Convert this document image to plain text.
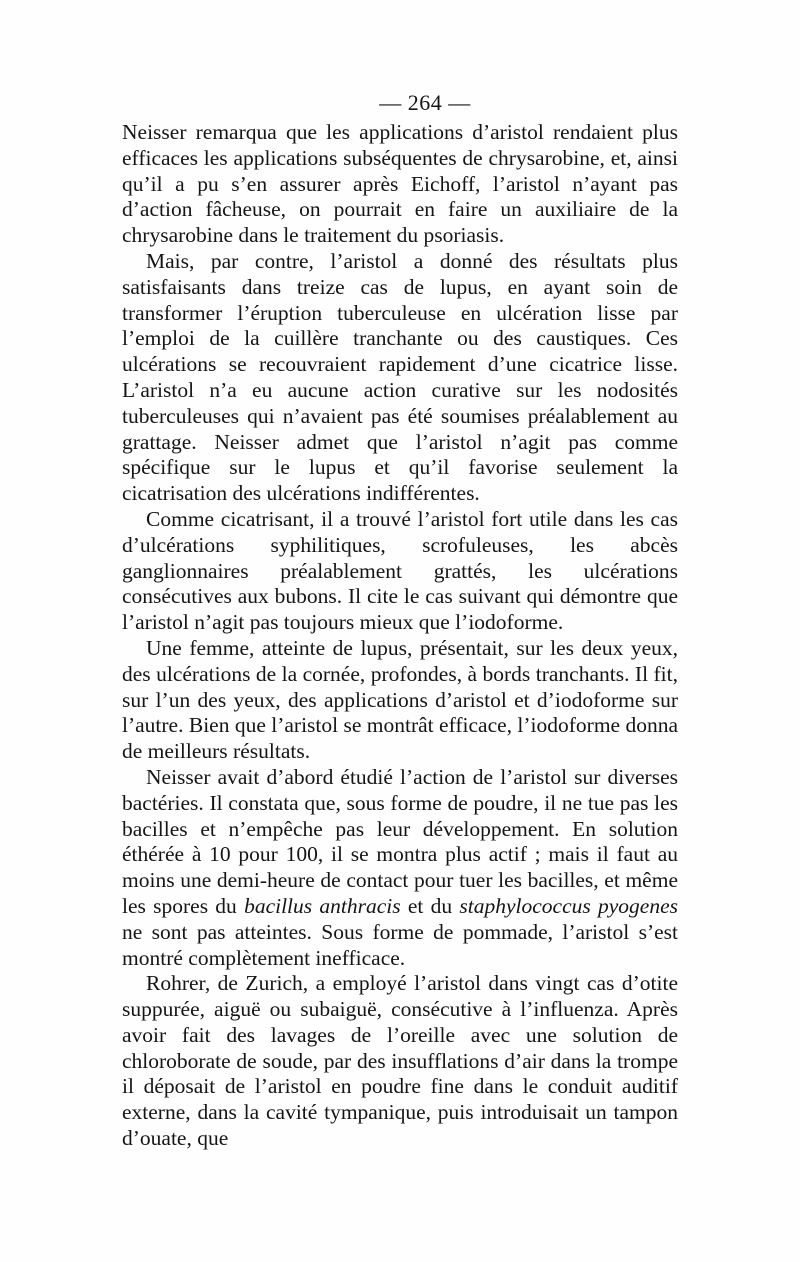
— 264 —

Neisser remarqua que les applications d’aristol rendaient plus efficaces les applications subséquentes de chrysarobine, et, ainsi qu’il a pu s’en assurer après Eichoff, l’aristol n’ayant pas d’action fâcheuse, on pourrait en faire un auxiliaire de la chrysarobine dans le traitement du psoriasis.

Mais, par contre, l’aristol a donné des résultats plus satisfaisants dans treize cas de lupus, en ayant soin de transformer l’éruption tuberculeuse en ulcération lisse par l’emploi de la cuillère tranchante ou des caustiques. Ces ulcérations se recouvraient rapidement d’une cicatrice lisse. L’aristol n’a eu aucune action curative sur les nodosités tuberculeuses qui n’avaient pas été soumises préalablement au grattage. Neisser admet que l’aristol n’agit pas comme spécifique sur le lupus et qu’il favorise seulement la cicatrisation des ulcérations indifférentes.

Comme cicatrisant, il a trouvé l’aristol fort utile dans les cas d’ulcérations syphilitiques, scrofuleuses, les abcès ganglionnaires préalablement grattés, les ulcérations consécutives aux bubons. Il cite le cas suivant qui démontre que l’aristol n’agit pas toujours mieux que l’iodoforme.

Une femme, atteinte de lupus, présentait, sur les deux yeux, des ulcérations de la cornée, profondes, à bords tranchants. Il fit, sur l’un des yeux, des applications d’aristol et d’iodoforme sur l’autre. Bien que l’aristol se montrât efficace, l’iodoforme donna de meilleurs résultats.

Neisser avait d’abord étudié l’action de l’aristol sur diverses bactéries. Il constata que, sous forme de poudre, il ne tue pas les bacilles et n’empêche pas leur développement. En solution éthérée à 10 pour 100, il se montra plus actif ; mais il faut au moins une demi-heure de contact pour tuer les bacilles, et même les spores du bacillus anthracis et du staphylococcus pyogenes ne sont pas atteintes. Sous forme de pommade, l’aristol s’est montré complètement inefficace.

Rohrer, de Zurich, a employé l’aristol dans vingt cas d’otite suppurée, aiguë ou subaiguë, consécutive à l’influenza. Après avoir fait des lavages de l’oreille avec une solution de chloroborate de soude, par des insufflations d’air dans la trompe il déposait de l’aristol en poudre fine dans le conduit auditif externe, dans la cavité tympanique, puis introduisait un tampon d’ouate, que
